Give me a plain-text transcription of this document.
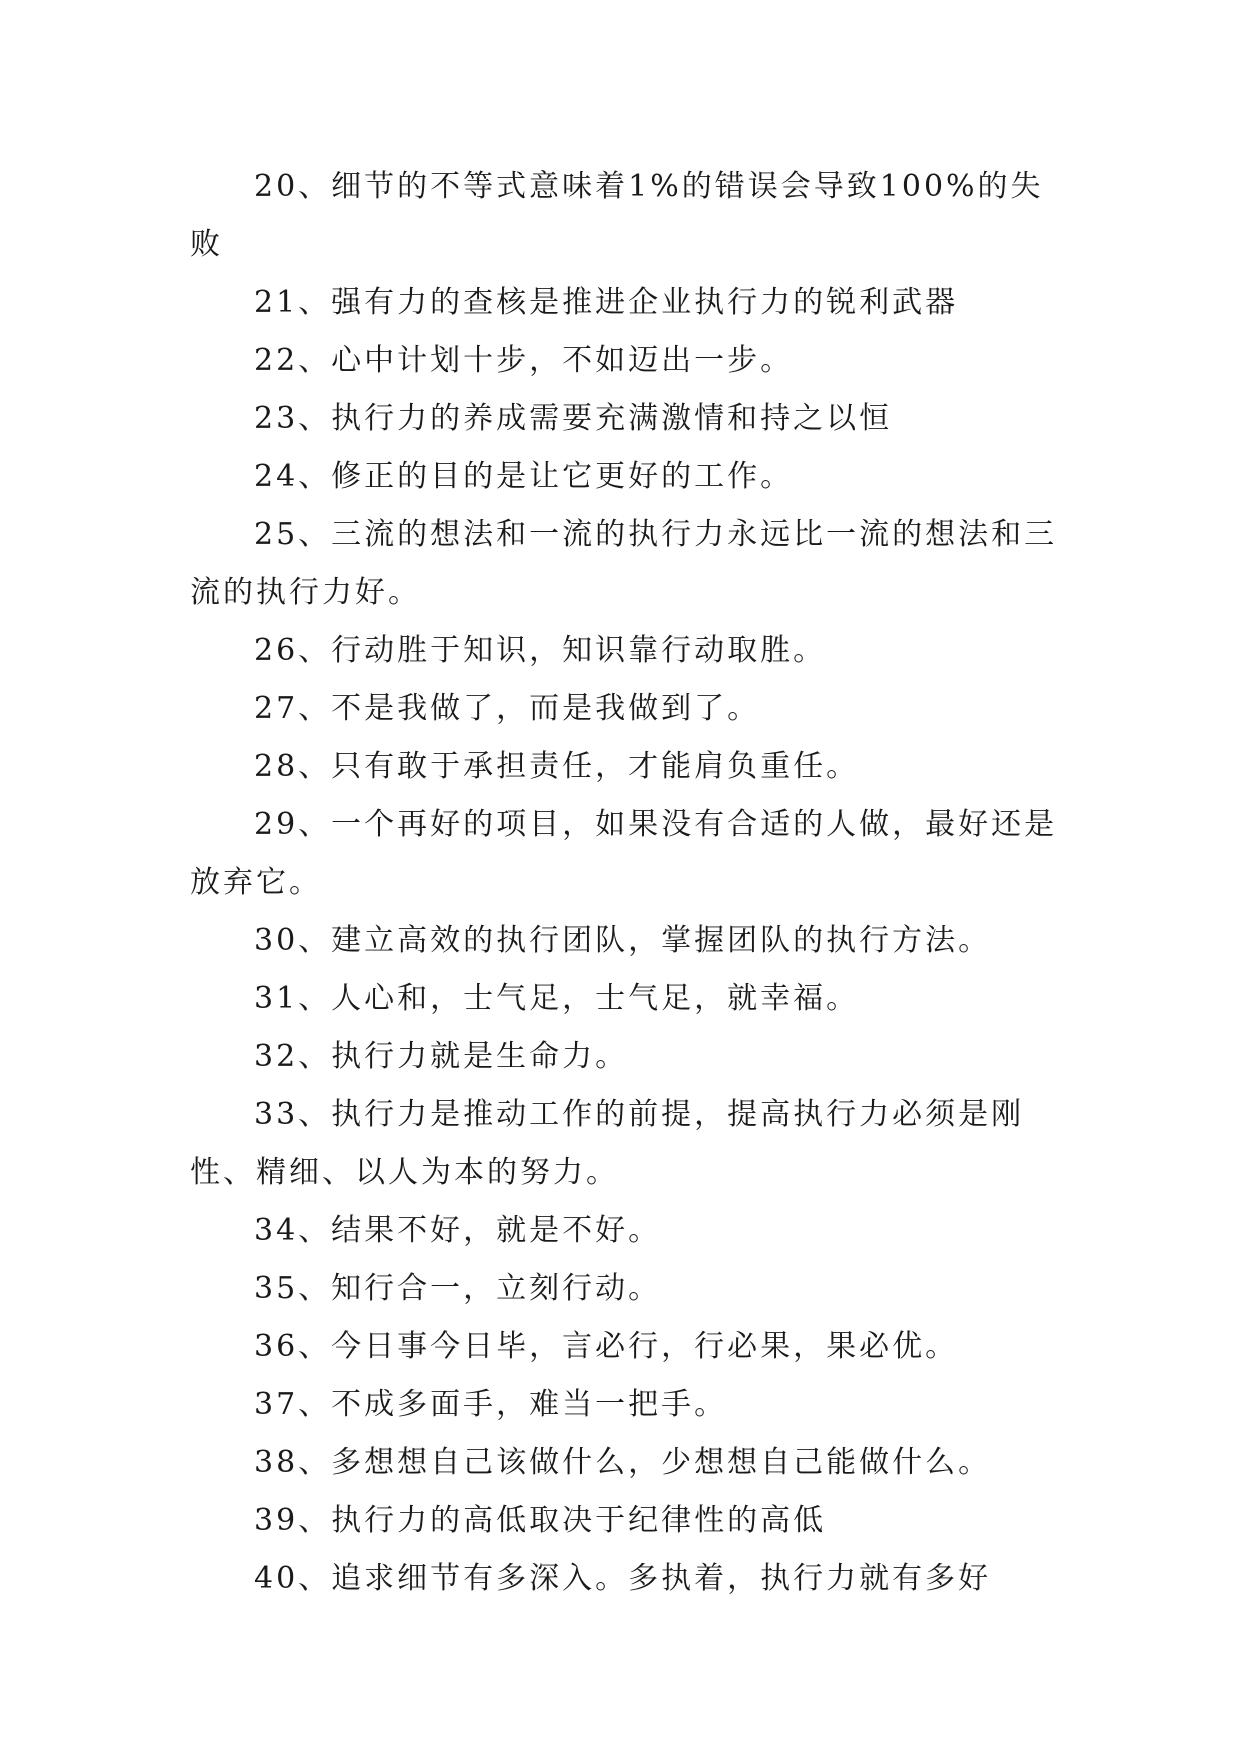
20、细节的不等式意味着1%的错误会导致100%的失败

21、强有力的查核是推进企业执行力的锐利武器

22、心中计划十步，不如迈出一步。

23、执行力的养成需要充满激情和持之以恒

24、修正的目的是让它更好的工作。

25、三流的想法和一流的执行力永远比一流的想法和三流的执行力好。

26、行动胜于知识，知识靠行动取胜。

27、不是我做了，而是我做到了。

28、只有敢于承担责任，才能肩负重任。

29、一个再好的项目，如果没有合适的人做，最好还是放弃它。

30、建立高效的执行团队，掌握团队的执行方法。

31、人心和，士气足，士气足，就幸福。

32、执行力就是生命力。

33、执行力是推动工作的前提，提高执行力必须是刚性、精细、以人为本的努力。

34、结果不好，就是不好。

35、知行合一，立刻行动。

36、今日事今日毕，言必行，行必果，果必优。

37、不成多面手，难当一把手。

38、多想想自己该做什么，少想想自己能做什么。

39、执行力的高低取决于纪律性的高低

40、追求细节有多深入。多执着，执行力就有多好
